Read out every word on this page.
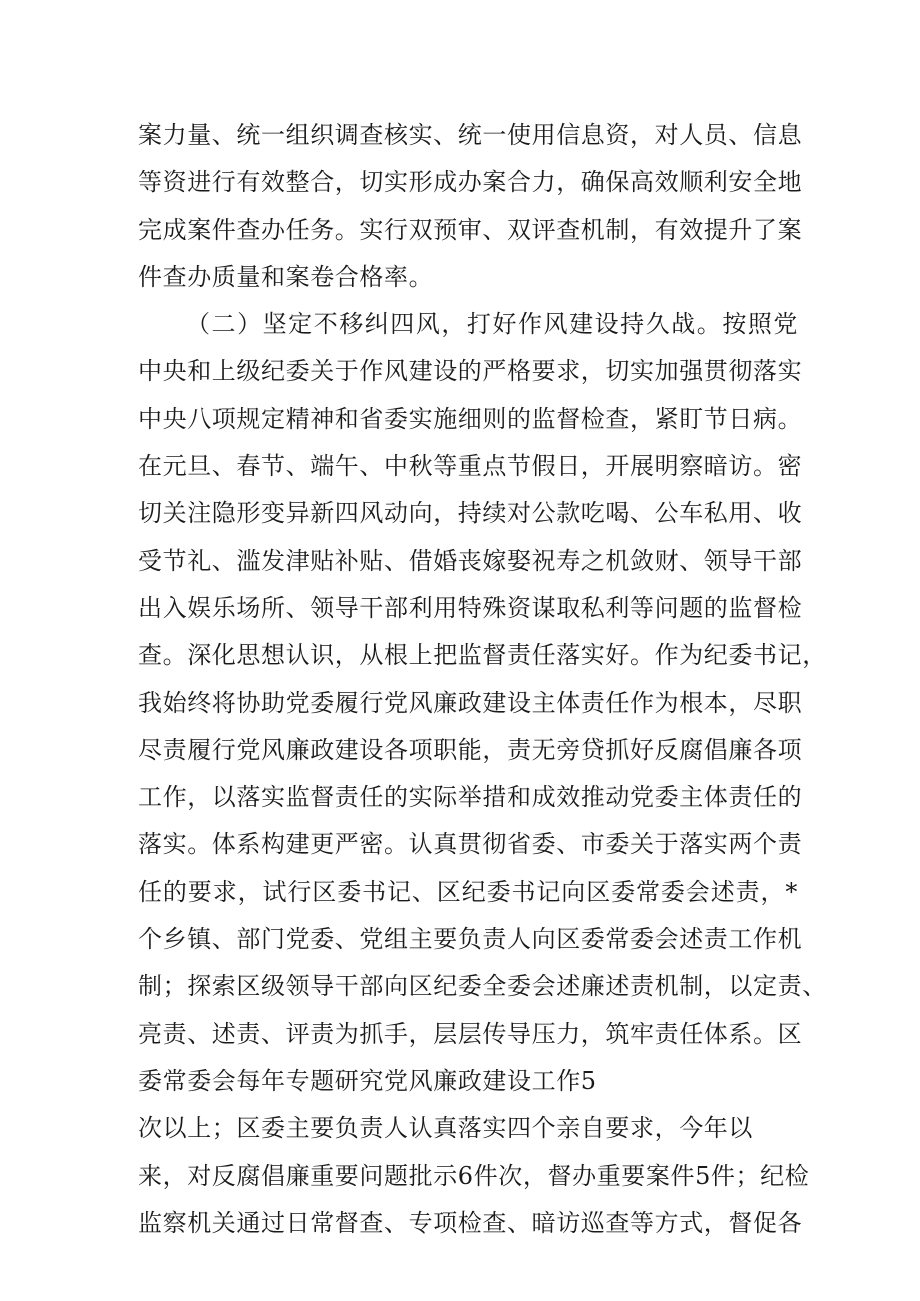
案力量、统一组织调查核实、统一使用信息资，对人员、信息
等资进行有效整合，切实形成办案合力，确保高效顺利安全地
完成案件查办任务。实行双预审、双评查机制，有效提升了案
件查办质量和案卷合格率。
（二）坚定不移纠四风，打好作风建设持久战。按照党
中央和上级纪委关于作风建设的严格要求，切实加强贯彻落实
中央八项规定精神和省委实施细则的监督检查，紧盯节日病。
在元旦、春节、端午、中秋等重点节假日，开展明察暗访。密
切关注隐形变异新四风动向，持续对公款吃喝、公车私用、收
受节礼、滥发津贴补贴、借婚丧嫁娶祝寿之机敛财、领导干部
出入娱乐场所、领导干部利用特殊资谋取私利等问题的监督检
查。深化思想认识，从根上把监督责任落实好。作为纪委书记，
我始终将协助党委履行党风廉政建设主体责任作为根本，尽职
尽责履行党风廉政建设各项职能，责无旁贷抓好反腐倡廉各项
工作，以落实监督责任的实际举措和成效推动党委主体责任的
落实。体系构建更严密。认真贯彻省委、市委关于落实两个责
任的要求，试行区委书记、区纪委书记向区委常委会述责，*
个乡镇、部门党委、党组主要负责人向区委常委会述责工作机
制；探索区级领导干部向区纪委全委会述廉述责机制，以定责、
亮责、述责、评责为抓手，层层传导压力，筑牢责任体系。区
委常委会每年专题研究党风廉政建设工作5
次以上；区委主要负责人认真落实四个亲自要求，今年以
来，对反腐倡廉重要问题批示6件次，督办重要案件5件；纪检
监察机关通过日常督查、专项检查、暗访巡查等方式，督促各
